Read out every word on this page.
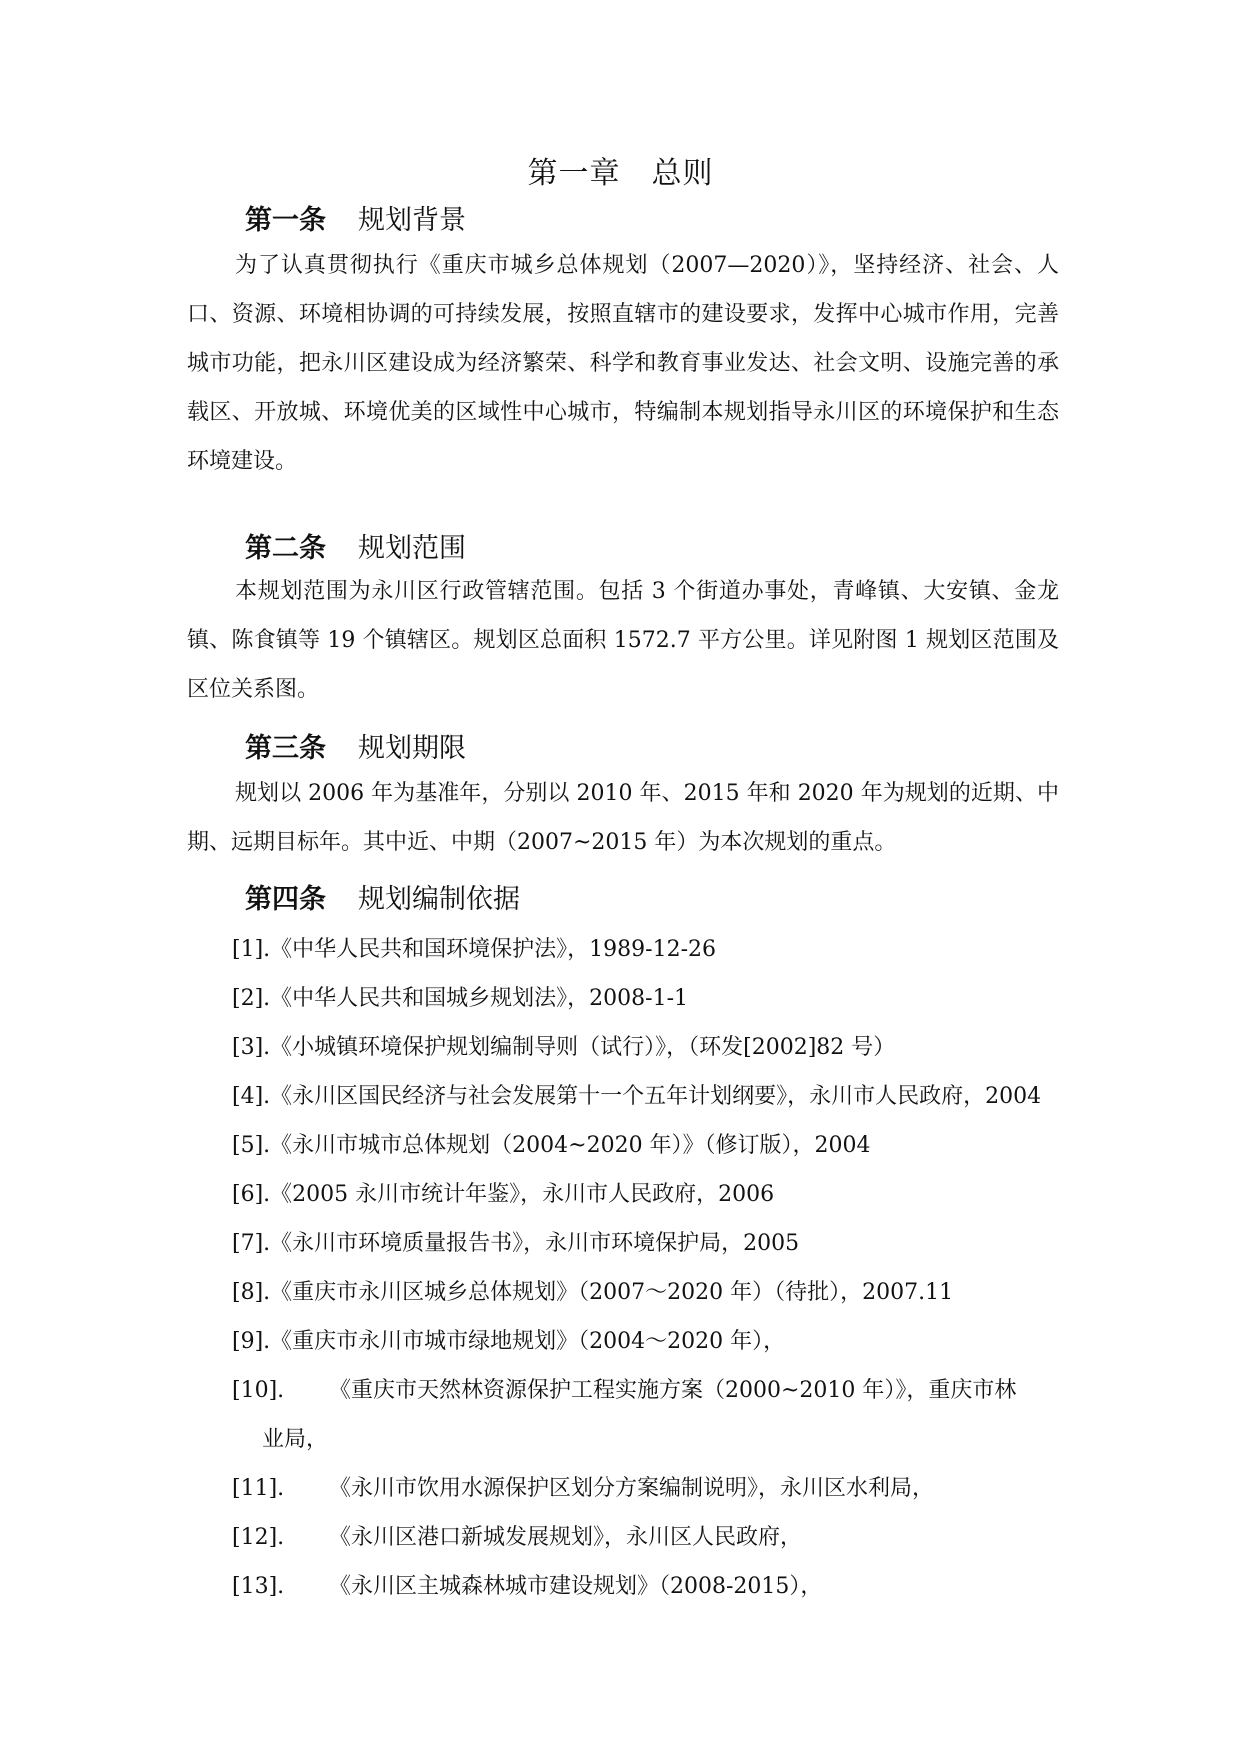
第一章　总则
第一条 规划背景

为了认真贯彻执行《重庆市城乡总体规划（2007—2020）》，坚持经济、社会、人口、资源、环境相协调的可持续发展，按照直辖市的建设要求，发挥中心城市作用，完善城市功能，把永川区建设成为经济繁荣、科学和教育事业发达、社会文明、设施完善的承载区、开放城、环境优美的区域性中心城市，特编制本规划指导永川区的环境保护和生态环境建设。

第二条 规划范围

本规划范围为永川区行政管辖范围。包括 3 个街道办事处，青峰镇、大安镇、金龙镇、陈食镇等 19 个镇辖区。规划区总面积 1572.7 平方公里。详见附图 1 规划区范围及区位关系图。

第三条 规划期限

规划以 2006 年为基准年，分别以 2010 年、2015 年和 2020 年为规划的近期、中期、远期目标年。其中近、中期（2007~2015 年）为本次规划的重点。

第四条 规划编制依据

[1].《中华人民共和国环境保护法》，1989-12-26

[2].《中华人民共和国城乡规划法》，2008-1-1

[3].《小城镇环境保护规划编制导则（试行）》，（环发[2002]82 号）

[4].《永川区国民经济与社会发展第十一个五年计划纲要》，永川市人民政府，2004

[5].《永川市城市总体规划（2004~2020 年）》（修订版），2004

[6].《2005 永川市统计年鉴》，永川市人民政府，2006

[7].《永川市环境质量报告书》，永川市环境保护局，2005

[8].《重庆市永川区城乡总体规划》（2007～2020 年）（待批），2007.11

[9].《重庆市永川市城市绿地规划》（2004～2020 年），

[10]. 《重庆市天然林资源保护工程实施方案（2000~2010 年）》，重庆市林
业局，

[11]. 《永川市饮用水源保护区划分方案编制说明》，永川区水利局，

[12]. 《永川区港口新城发展规划》，永川区人民政府，

[13]. 《永川区主城森林城市建设规划》（2008-2015），
